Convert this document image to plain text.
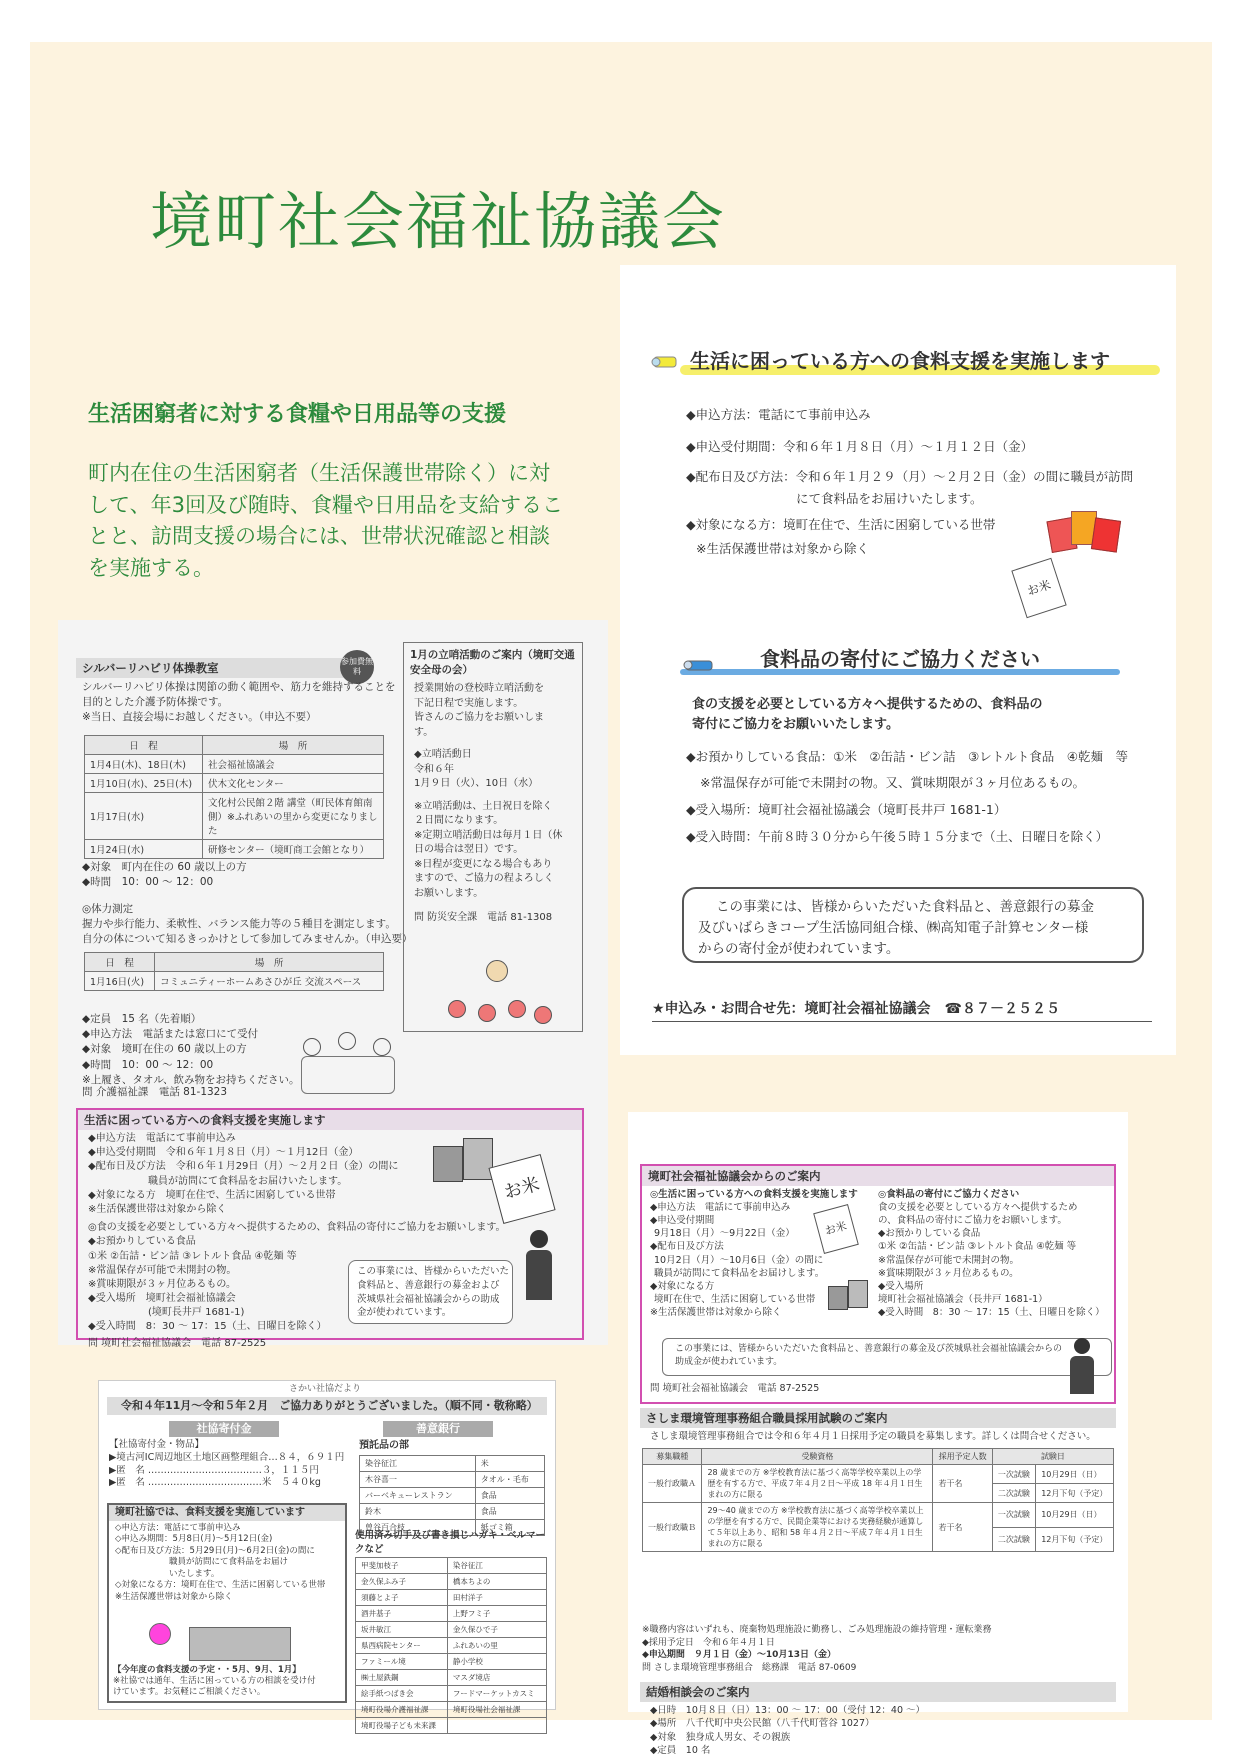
境町社会福祉協議会
生活困窮者に対する食糧や日用品等の支援

町内在住の生活困窮者（生活保護世帯除く）に対

して、年3回及び随時、食糧や日用品を支給するこ

とと、訪問支援の場合には、世帯状況確認と相談

を実施する。

生活に困っている方への食料支援を実施します
◆申込方法：電話にて事前申込み
◆申込受付期間：令和６年１月８日（月）～１月１２日（金）
◆配布日及び方法：令和６年１月２９（月）～２月２日（金）の間に職員が訪問
にて食料品をお届けいたします。
◆対象になる方：境町在住で、生活に困窮している世帯
※生活保護世帯は対象から除く
お米
食料品の寄付にご協力ください
食の支援を必要としている方々へ提供するための、食料品の
寄付にご協力をお願いいたします。
◆お預かりしている食品：①米　②缶詰・ビン詰　③レトルト食品　④乾麺　等
※常温保存が可能で未開封の物。又、賞味期限が３ヶ月位あるもの。
◆受入場所：境町社会福祉協議会（境町長井戸 1681-1）
◆受入時間：午前８時３０分から午後５時１５分まで（土、日曜日を除く）
この事業には、皆様からいただいた食料品と、善意銀行の募金
及びいばらきコープ生活協同組合様、㈱高知電子計算センター様
からの寄付金が使われています。
★申込み・お問合せ先：境町社会福祉協議会　☎８７－２５２５
シルバーリハビリ体操教室	参加費無料
シルバーリハビリ体操は関節の動く範囲や、筋力を維持することを
目的とした介護予防体操です。
※当日、直接会場にお越しください。（申込不要）
日　程	場　所
1月4日(木)、18日(木)	社会福祉協議会
1月10日(水)、25日(木)	伏木文化センター
1月17日(水)	文化村公民館２階 講堂（町民体育館南側）※ふれあいの里から変更になりました
1月24日(水)	研修センター（境町商工会館となり）
◆対象　町内在住の 60 歳以上の方
◆時間　10：00 ～ 12：00
◎体力測定
握力や歩行能力、柔軟性、バランス能力等の５種目を測定します。
自分の体について知るきっかけとして参加してみませんか。（申込要）
日　程	場　所
1月16日(火)	コミュニティーホームあさひが丘 交流スペース
◆定員　15 名（先着順）
◆申込方法　電話または窓口にて受付
◆対象　境町在住の 60 歳以上の方
◆時間　10：00 ～ 12：00
※上履き、タオル、飲み物をお持ちください。
問 介護福祉課　電話 81-1323
1月の立哨活動のご案内（境町交通安全母の会）
授業開始の登校時立哨活動を
下記日程で実施します。
皆さんのご協力をお願いしま
す。
◆立哨活動日
令和６年
1月９日（火）、10日（水）
※立哨活動は、土日祝日を除く
２日間になります。
※定期立哨活動日は毎月１日（休
日の場合は翌日）です。
※日程が変更になる場合もあり
ますので、ご協力の程よろしく
お願いします。
問 防災安全課　電話 81-1308
生活に困っている方への食料支援を実施します
◆申込方法　電話にて事前申込み
◆申込受付期間　令和６年１月８日（月）～１月12日（金）
◆配布日及び方法　令和６年１月29日（月）～２月２日（金）の間に
職員が訪問にて食料品をお届けいたします。
◆対象になる方　境町在住で、生活に困窮している世帯
※生活保護世帯は対象から除く
◎食の支援を必要としている方々へ提供するための、食料品の寄付にご協力をお願いします。
◆お預かりしている食品
①米 ②缶詰・ビン詰 ③レトルト食品 ④乾麺 等
※常温保存が可能で未開封の物。
※賞味期限が３ヶ月位あるもの。
◆受入場所　境町社会福祉協議会
(境町長井戸 1681-1)
◆受入時間　8：30 ～ 17：15（土、日曜日を除く）
問 境町社会福祉協議会　電話 87-2525
この事業には、皆様からいただいた
食料品と、善意銀行の募金および
茨城県社会福祉協議会からの助成
金が使われています。
お米
さかい社協だより
令和４年11月～令和５年２月　ご協力ありがとうございました。（順不同・敬称略）
社協寄付金
【社協寄付金・物品】
▶境古河IC周辺地区土地区画整理組合…８４，６９１円
▶匿　名 ………………………………３，１１５円
▶匿　名 ………………………………米　５４０kg
善意銀行
預託品の部
染谷征江	米
木谷喜一	タオル・毛布
バーベキューレストラン	食品
鈴木	食品
曽谷百合枝	紙ゴミ箱
境町社協では、食料支援を実施しています
◇申込方法：電話にて事前申込み
◇申込み期間：5月8日(月)～5月12日(金)
◇配布日及び方法：5月29日(月)～6月2日(金)の間に
職員が訪問にて食料品をお届け
いたします。
◇対象になる方：境町在住で、生活に困窮している世帯
※生活保護世帯は対象から除く
【今年度の食料支援の予定・・5月、9月、1月】
※社協では通年、生活に困っている方の相談を受け付
けています。お気軽にご相談ください。
使用済み切手及び書き損じハガキ・ベルマークなど
甲斐加枝子	染谷征江
金久保ふみ子	橋本ちよの
須藤とよ子	田村洋子
酒井基子	上野フミ子
坂井敏江	金久保ひで子
県西病院センター	ふれあいの里
ファミール境	静小学校
㈱土屋鉄鋼	マスダ境店
絵手紙つばき会	フードマーケットカスミ
境町役場介護福祉課	境町役場社会福祉課
境町役場子ども未来課	
境町社会福祉協議会からのご案内
◎生活に困っている方への食料支援を実施します
◆申込方法　電話にて事前申込み
◆申込受付期間
9月18日（月）～9月22日（金）
◆配布日及び方法
10月2日（月）～10月6日（金）の間に
職員が訪問にて食料品をお届けします。
◆対象になる方
境町在住で、生活に困窮している世帯
※生活保護世帯は対象から除く
お米
◎食料品の寄付にご協力ください
食の支援を必要としている方々へ提供するため
の、食料品の寄付にご協力をお願いします。
◆お預かりしている食品
①米 ②缶詰・ビン詰 ③レトルト食品 ④乾麺 等
※常温保存が可能で未開封の物。
※賞味期限が３ヶ月位あるもの。
◆受入場所
境町社会福祉協議会（長井戸 1681-1）
◆受入時間　8：30 ～ 17：15（土、日曜日を除く）
この事業には、皆様からいただいた食料品と、善意銀行の募金及び茨城県社会福祉協議会からの
助成金が使われています。
問 境町社会福祉協議会　電話 87-2525
さしま環境管理事務組合職員採用試験のご案内
さしま環境管理事務組合では令和６年４月１日採用予定の職員を募集します。詳しくは問合せください。
募集職種	受験資格	採用予定人数	試験日	
一般行政職Ａ	28 歳までの方 ※学校教育法に基づく高等学校卒業以上の学歴を有する方で、平成７年４月２日～平成 18 年４月１日生まれの方に限る	若干名	一次試験	10月29日（日）
			二次試験	12月下旬（予定）
一般行政職Ｂ	29～40 歳までの方 ※学校教育法に基づく高等学校卒業以上の学歴を有する方で、民間企業等における実務経験が通算して５年以上あり、昭和 58 年４月２日～平成７年４月１日生まれの方に限る	若干名	一次試験	10月29日（日）
			二次試験	12月下旬（予定）
※職務内容はいずれも、廃棄物処理施設に勤務し、ごみ処理施設の維持管理・運転業務
◆採用予定日　令和６年４月１日
◆申込期間　９月１日（金）～10月13日（金）
問 さしま環境管理事務組合　総務課　電話 87-0609
結婚相談会のご案内
◆日時　10月８日（日）13：00 ～ 17：00（受付 12：40 ～）
◆場所　八千代町中央公民館（八千代町菅谷 1027）
◆対象　独身成人男女、その親族
◆定員　10 名
